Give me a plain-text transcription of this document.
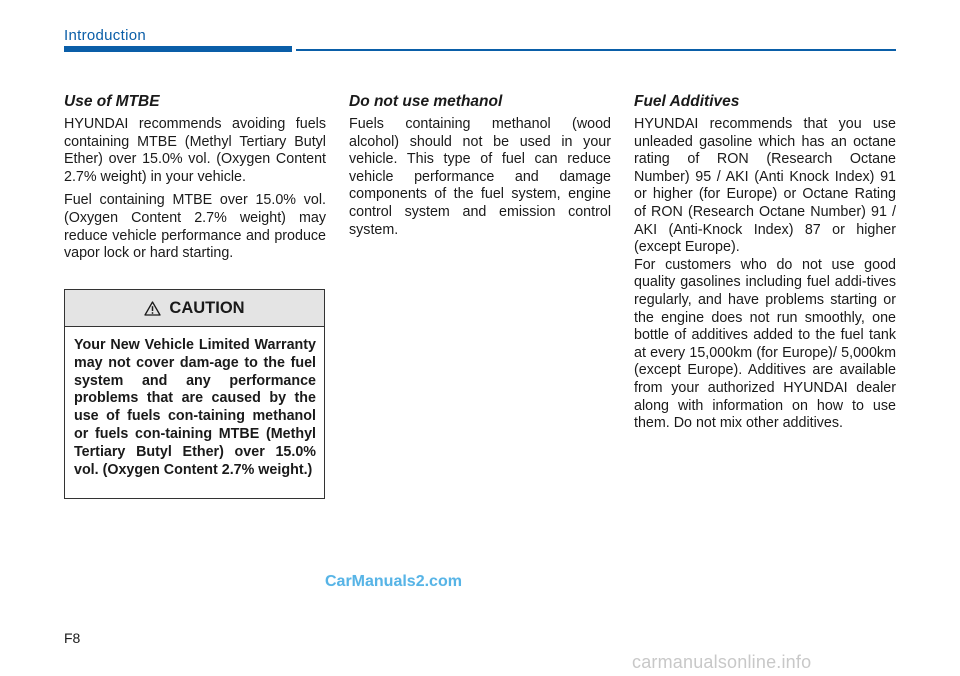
Introduction
Use of MTBE

HYUNDAI recommends avoiding fuels containing MTBE (Methyl Tertiary Butyl Ether) over 15.0% vol. (Oxygen Content 2.7% weight) in your vehicle.

Fuel containing MTBE over 15.0% vol. (Oxygen Content 2.7% weight) may reduce vehicle performance and produce vapor lock or hard starting.

CAUTION
Your New Vehicle Limited Warranty may not cover dam-age to the fuel system and any performance problems that are caused by the use of fuels con-taining methanol or fuels con-taining MTBE (Methyl Tertiary Butyl Ether) over 15.0% vol. (Oxygen Content 2.7% weight.)
Do not use methanol

Fuels containing methanol (wood alcohol) should not be used in your vehicle. This type of fuel can reduce vehicle performance and damage components of the fuel system, engine control system and emission control system.

Fuel Additives

HYUNDAI recommends that you use unleaded gasoline which has an octane rating of RON (Research Octane Number) 95 / AKI (Anti Knock Index) 91 or higher (for Europe) or Octane Rating of RON (Research Octane Number) 91 / AKI (Anti-Knock Index) 87 or higher (except Europe).

For customers who do not use good quality gasolines including fuel addi-tives regularly, and have problems starting or the engine does not run smoothly, one bottle of additives added to the fuel tank at every 15,000km (for Europe)/ 5,000km (except Europe). Additives are available from your authorized HYUNDAI dealer along with information on how to use them. Do not mix other additives.

CarManuals2.com
F8
carmanualsonline.info
